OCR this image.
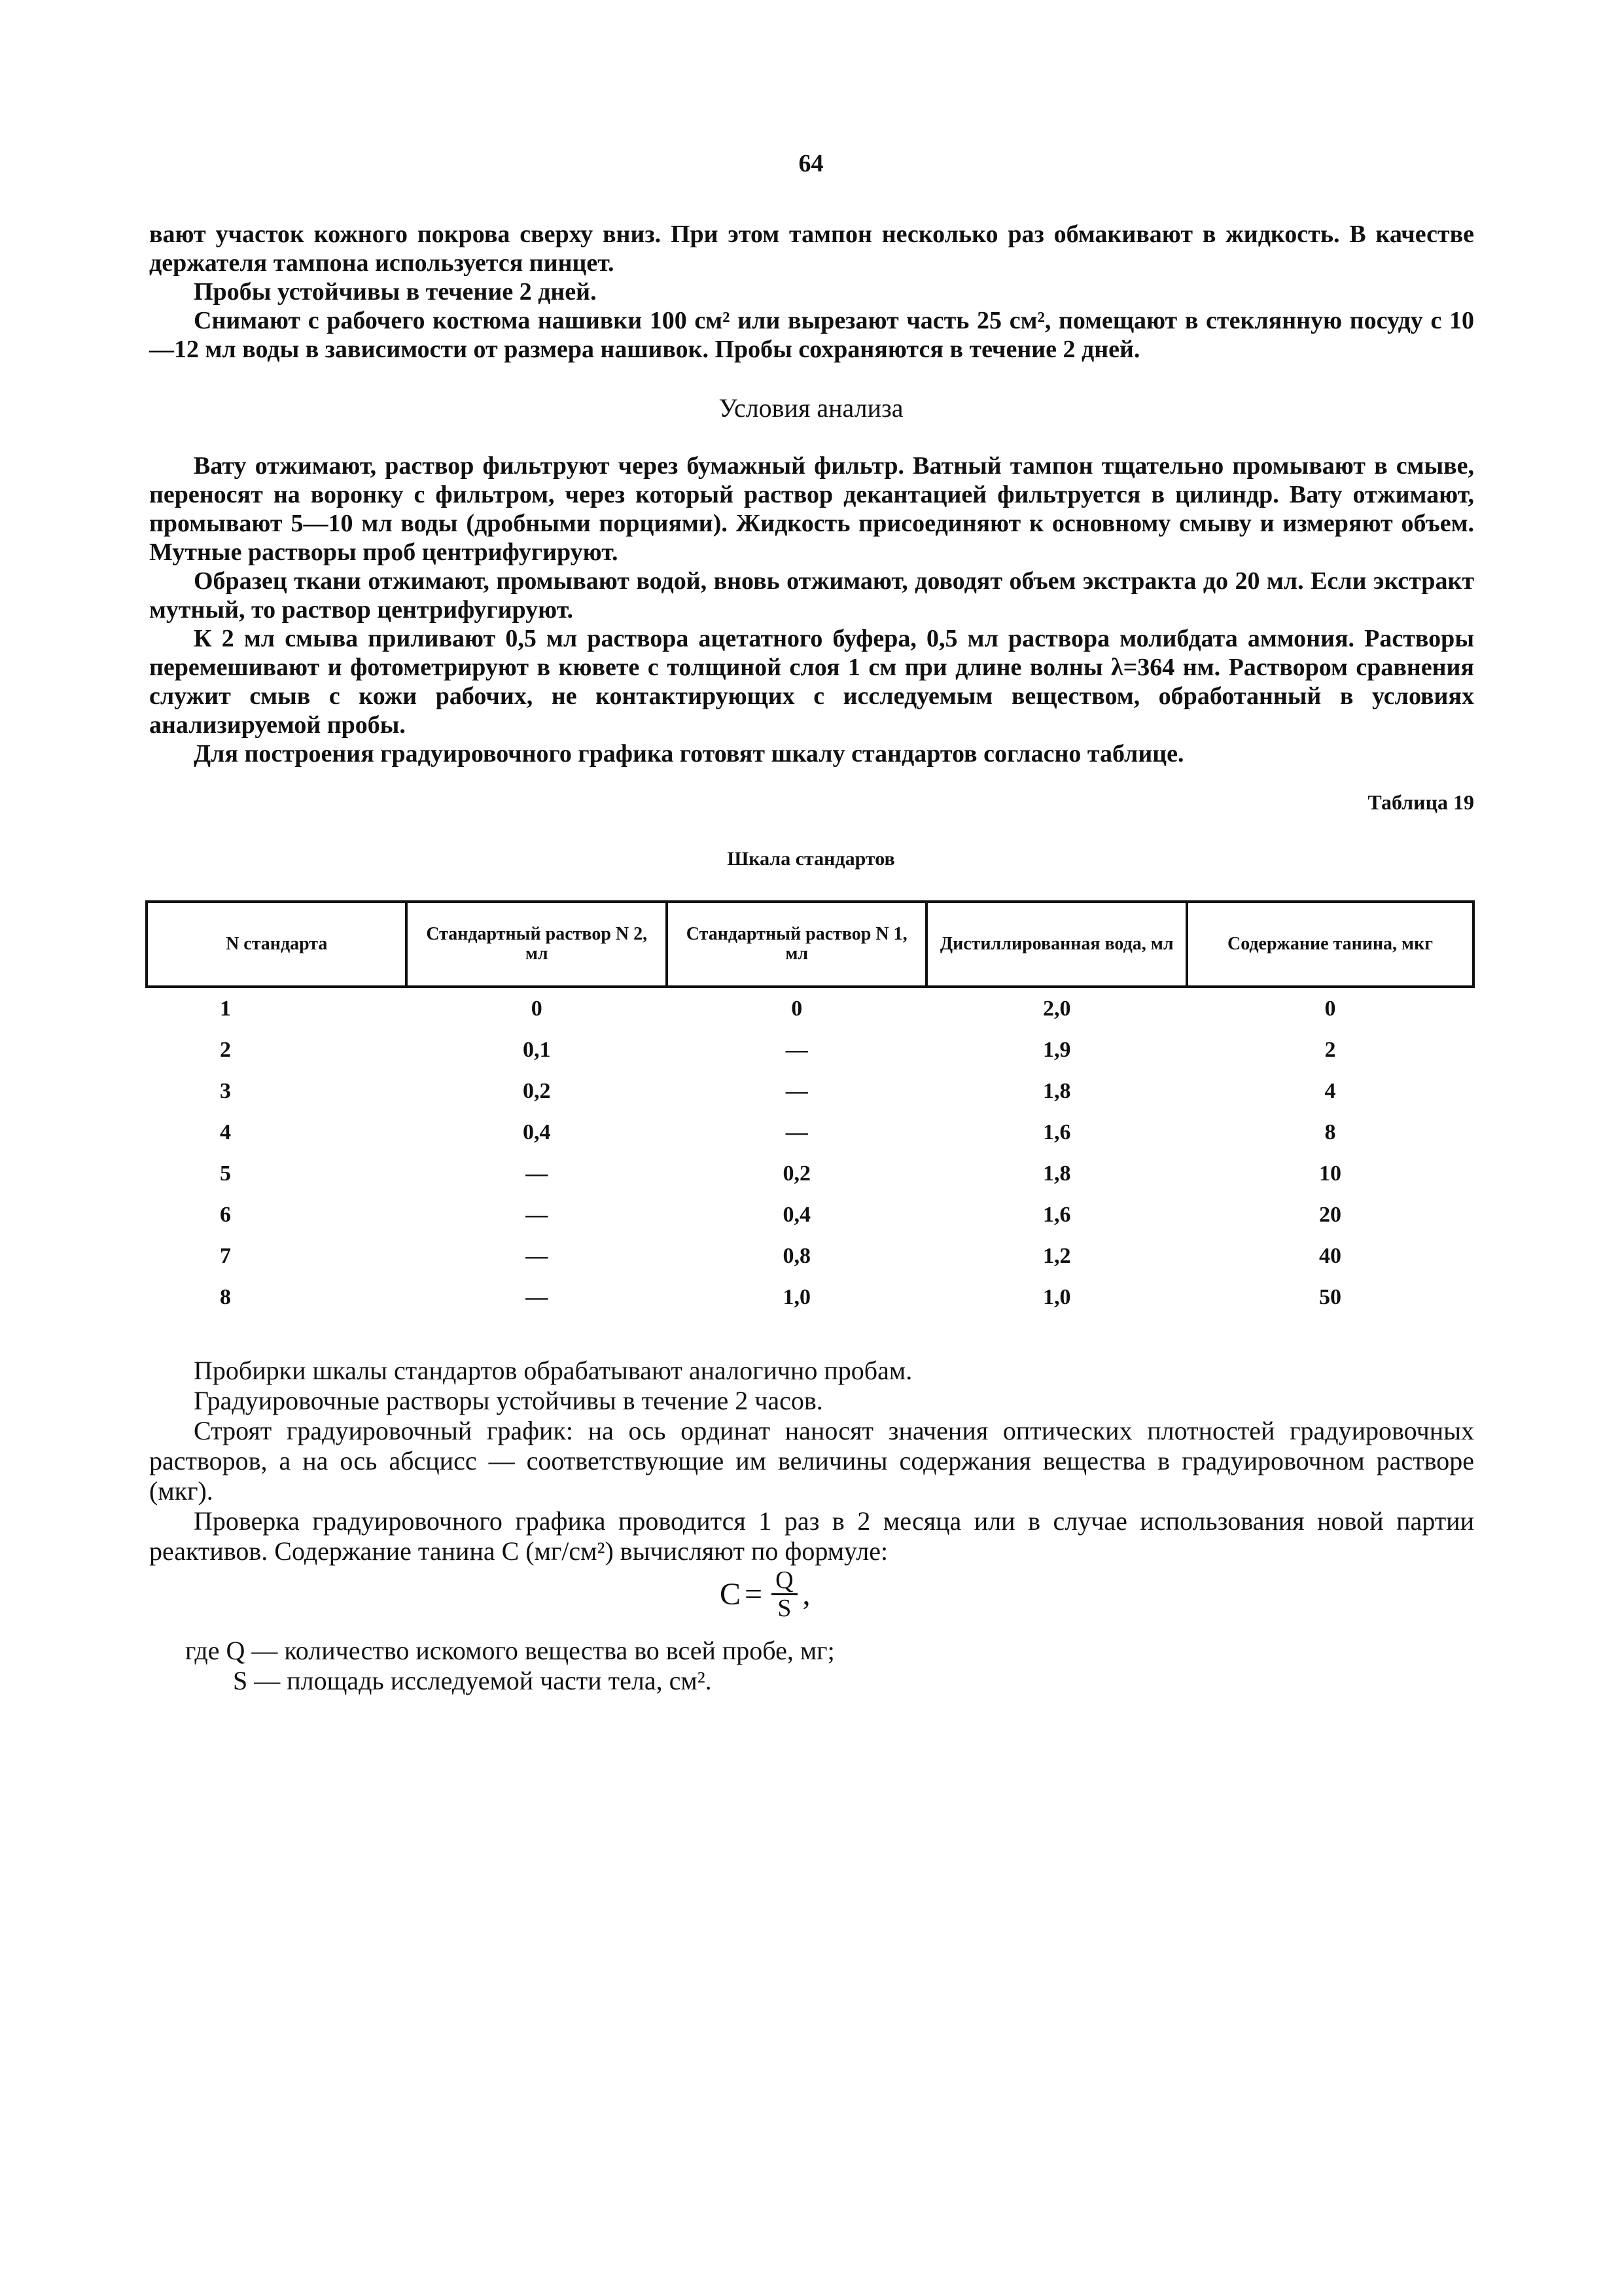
64

вают участок кожного покрова сверху вниз. При этом тампон несколько раз обмакивают в жидкость. В качестве держателя тампона используется пинцет.

Пробы устойчивы в течение 2 дней.

Снимают с рабочего костюма нашивки 100 см² или вырезают часть 25 см², помещают в стеклянную посуду с 10—12 мл воды в зависимости от размера нашивок. Пробы сохраняются в течение 2 дней.

Условия анализа

Вату отжимают, раствор фильтруют через бумажный фильтр. Ватный тампон тщательно промывают в смыве, переносят на воронку с фильтром, через который раствор декантацией фильтруется в цилиндр. Вату отжимают, промывают 5—10 мл воды (дробными порциями). Жидкость присоединяют к основному смыву и измеряют объем. Мутные растворы проб центрифугируют.

Образец ткани отжимают, промывают водой, вновь отжимают, доводят объем экстракта до 20 мл. Если экстракт мутный, то раствор центрифугируют.

К 2 мл смыва приливают 0,5 мл раствора ацетатного буфера, 0,5 мл раствора молибдата аммония. Растворы перемешивают и фотометрируют в кювете с толщиной слоя 1 см при длине волны λ=364 нм. Раствором сравнения служит смыв с кожи рабочих, не контактирующих с исследуемым веществом, обработанный в условиях анализируемой пробы.

Для построения градуировочного графика готовят шкалу стандартов согласно таблице.

Таблица 19
Шкала стандартов
N стандарта	Стандартный раствор N 2, мл	Стандартный раствор N 1, мл	Дистиллированная вода, мл	Содержание танина, мкг
1	0	0	2,0	0
2	0,1	—	1,9	2
3	0,2	—	1,8	4
4	0,4	—	1,6	8
5	—	0,2	1,8	10
6	—	0,4	1,6	20
7	—	0,8	1,2	40
8	—	1,0	1,0	50

Пробирки шкалы стандартов обрабатывают аналогично пробам.

Градуировочные растворы устойчивы в течение 2 часов.

Строят градуировочный график: на ось ординат наносят значения оптических плотностей градуировочных растворов, а на ось абсцисс — соответствующие им величины содержания вещества в градуировочном растворе (мкг).

Проверка градуировочного графика проводится 1 раз в 2 месяца или в случае использования новой партии реактивов. Содержание танина С (мг/см²) вычисляют по формуле:

$С = \frac{Q}{S}$ ,

где Q — количество искомого вещества во всей пробе, мг;

S — площадь исследуемой части тела, см².
